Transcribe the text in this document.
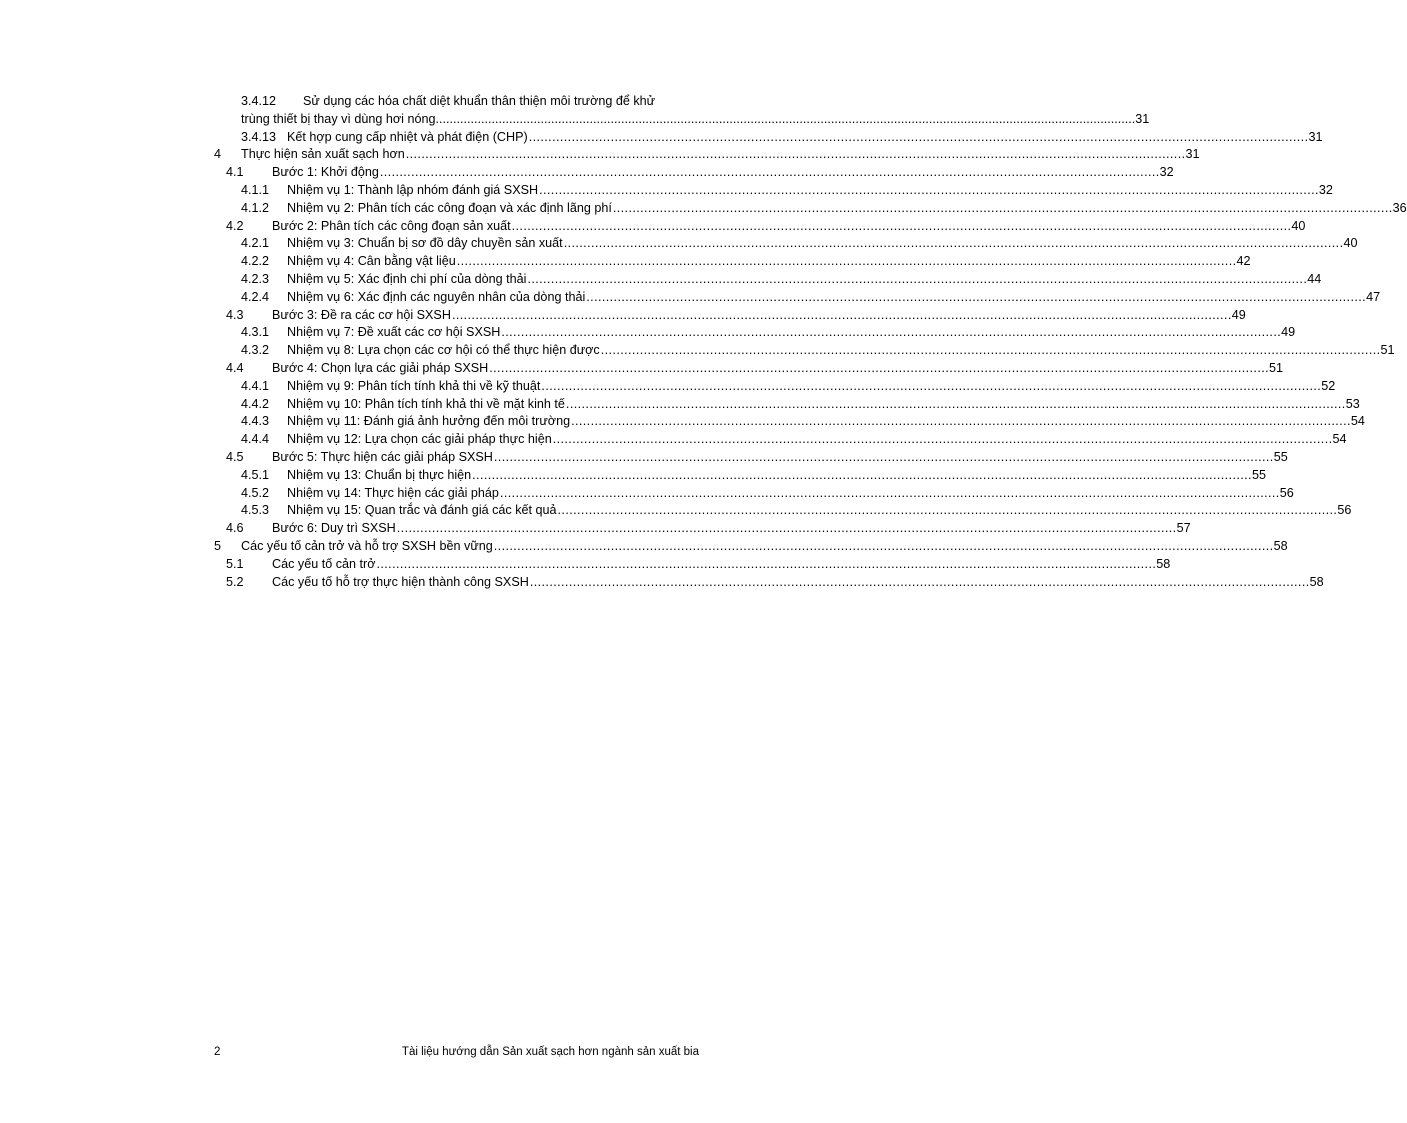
3.4.12 Sử dụng các hóa chất diệt khuẩn thân thiện môi trường để khử
trùng thiết bị thay vì dùng hơi nóng ........................................................................................................................................................................................................ 31
3.4.13 Kết hợp cung cấp nhiệt và phát điện (CHP) ........................................................................................................................................................................................................ 31
4 Thực hiện sản xuất sạch hơn ........................................................................................................................................................................................................ 31
4.1 Bước 1: Khởi động ........................................................................................................................................................................................................ 32
4.1.1 Nhiệm vụ 1: Thành lập nhóm đánh giá SXSH ........................................................................................................................................................................................................ 32
4.1.2 Nhiệm vụ 2: Phân tích các công đoạn và xác định lãng phí ........................................................................................................................................................................................................ 36
4.2 Bước 2: Phân tích các công đoạn sản xuất ........................................................................................................................................................................................................ 40
4.2.1 Nhiệm vụ 3: Chuẩn bị sơ đồ dây chuyền sản xuất ........................................................................................................................................................................................................ 40
4.2.2 Nhiệm vụ 4: Cân bằng vật liệu ........................................................................................................................................................................................................ 42
4.2.3 Nhiệm vụ 5: Xác định chi phí của dòng thải ........................................................................................................................................................................................................ 44
4.2.4 Nhiệm vụ 6: Xác định các nguyên nhân của dòng thải ........................................................................................................................................................................................................ 47
4.3 Bước 3: Đề ra các cơ hội SXSH ........................................................................................................................................................................................................ 49
4.3.1 Nhiệm vụ 7: Đề xuất các cơ hội SXSH ........................................................................................................................................................................................................ 49
4.3.2 Nhiệm vụ 8: Lựa chọn các cơ hội có thể thực hiện được ........................................................................................................................................................................................................ 51
4.4 Bước 4: Chọn lựa các giải pháp SXSH ........................................................................................................................................................................................................ 51
4.4.1 Nhiệm vụ 9: Phân tích tính khả thi về kỹ thuật ........................................................................................................................................................................................................ 52
4.4.2 Nhiệm vụ 10: Phân tích tính khả thi về mặt kinh tế ........................................................................................................................................................................................................ 53
4.4.3 Nhiệm vụ 11: Đánh giá ảnh hưởng đến môi trường ........................................................................................................................................................................................................ 54
4.4.4 Nhiệm vụ 12: Lựa chọn các giải pháp thực hiện ........................................................................................................................................................................................................ 54
4.5 Bước 5: Thực hiện các giải pháp SXSH ........................................................................................................................................................................................................ 55
4.5.1 Nhiệm vụ 13: Chuẩn bị thực hiện ........................................................................................................................................................................................................ 55
4.5.2 Nhiệm vụ 14: Thực hiện các giải pháp ........................................................................................................................................................................................................ 56
4.5.3 Nhiệm vụ 15: Quan trắc và đánh giá các kết quả ........................................................................................................................................................................................................ 56
4.6 Bước 6: Duy trì SXSH ........................................................................................................................................................................................................ 57
5 Các yếu tố cản trở và hỗ trợ SXSH bền vững ........................................................................................................................................................................................................ 58
5.1 Các yếu tố cản trở ........................................................................................................................................................................................................ 58
5.2 Các yếu tố hỗ trợ thực hiện thành công SXSH ........................................................................................................................................................................................................ 58
2	Tài liệu hướng dẫn Sản xuất sạch hơn ngành sản xuất bia
